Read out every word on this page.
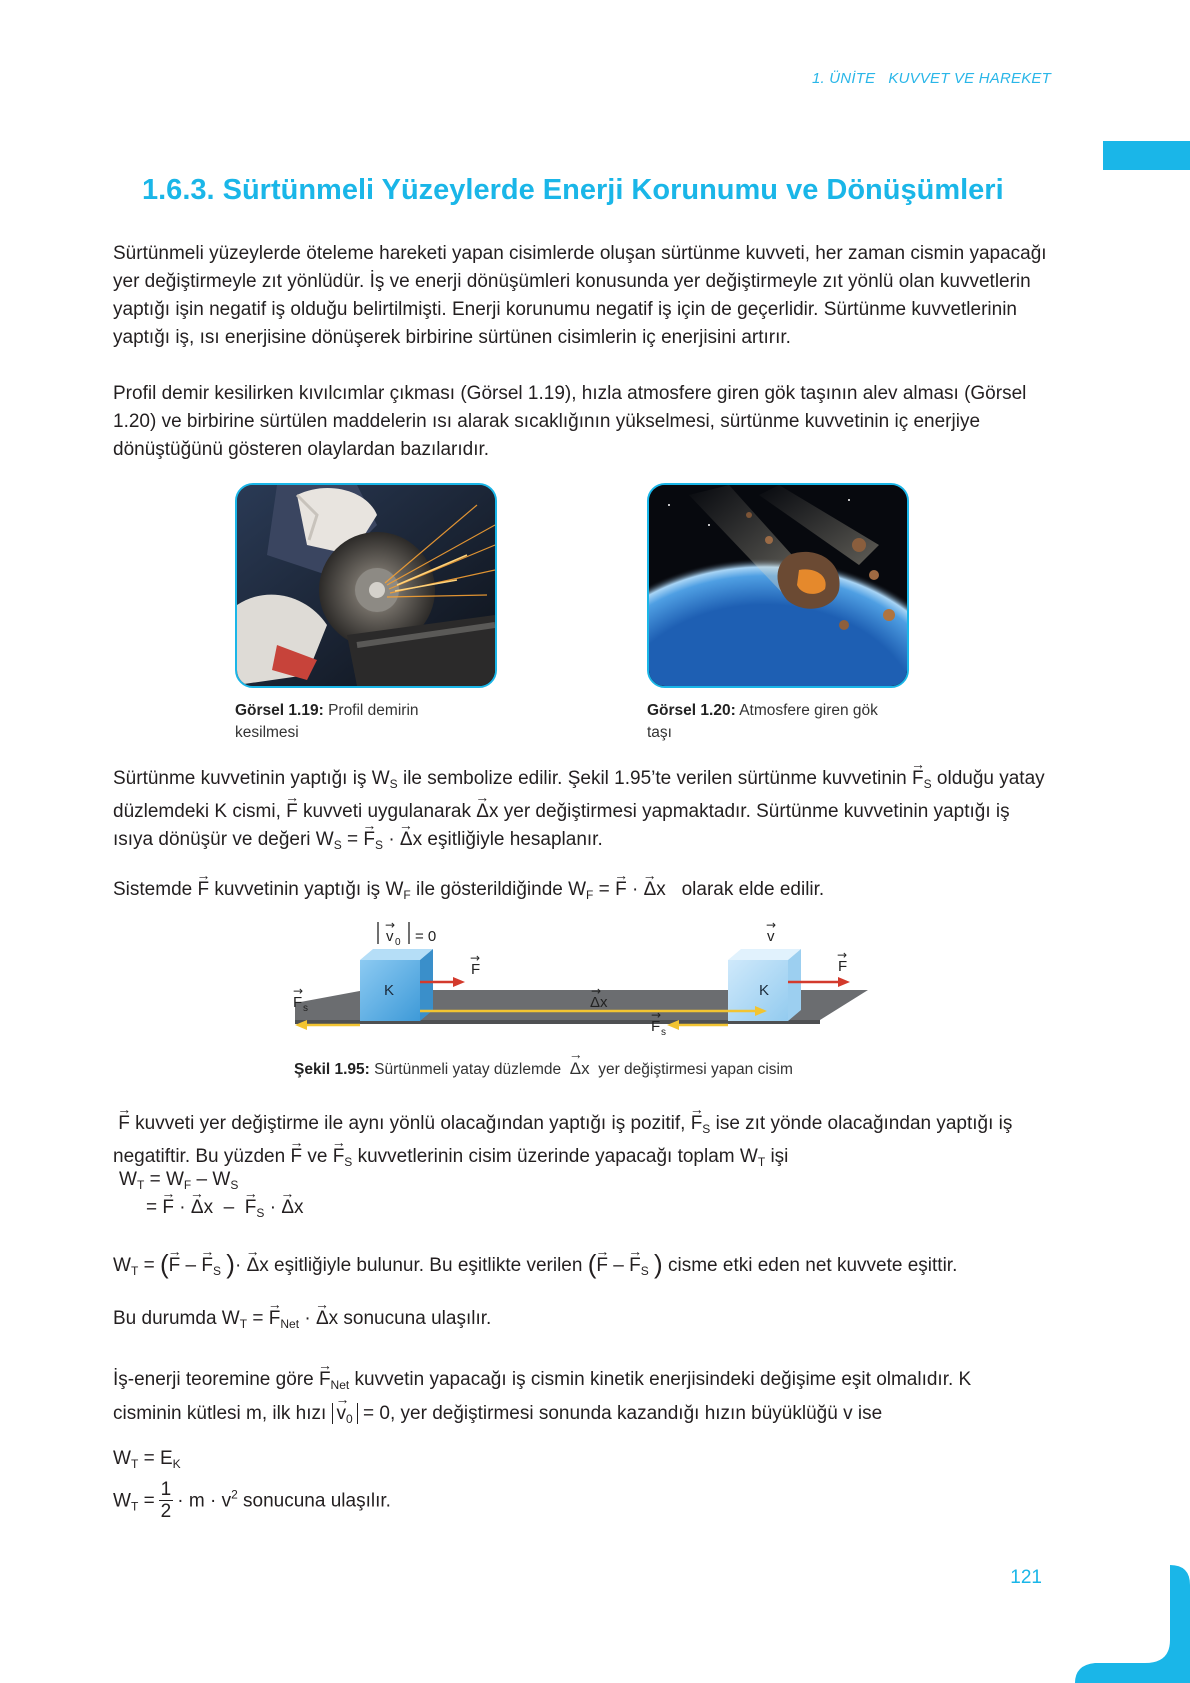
1. ÜNİTE KUVVET VE HAREKET
1.6.3. Sürtünmeli Yüzeylerde Enerji Korunumu ve Dönüşümleri
Sürtünmeli yüzeylerde öteleme hareketi yapan cisimlerde oluşan sürtünme kuvveti, her zaman cismin yapacağı yer değiştirmeyle zıt yönlüdür. İş ve enerji dönüşümleri konusunda yer değiştirmeyle zıt yönlü olan kuvvetlerin yaptığı işin negatif iş olduğu belirtilmişti. Enerji korunumu negatif iş için de geçerlidir. Sürtünme kuvvetlerinin yaptığı iş, ısı enerjisine dönüşerek birbirine sürtünen cisimlerin iç enerjisini artırır.
Profil demir kesilirken kıvılcımlar çıkması (Görsel 1.19), hızla atmosfere giren gök taşının alev alması (Görsel 1.20) ve birbirine sürtülen maddelerin ısı alarak sıcaklığının yükselmesi, sürtünme kuvvetinin iç enerjiye dönüştüğünü gösteren olaylardan bazılarıdır.
Görsel 1.19: Profil demirin kesilmesi
Görsel 1.20: Atmosfere giren gök taşı
Sürtünme kuvvetinin yaptığı iş $W_S$ ile sembolize edilir. Şekil 1.95’te verilen sürtünme kuvvetinin → $F_S$ olduğu yatay düzlemdeki K cismi, → F kuvveti uygulanarak → Δx yer değiştirmesi yapmaktadır. Sürtünme kuvvetinin yaptığı iş ısıya dönüşür ve değeri $W_S$ = → $F_S$ · → Δx eşitliğiyle hesaplanır.
Sistemde → F kuvvetinin yaptığı iş $W_F$ ile gösterildiğinde $W_F$ = → F · → Δx   olarak elde edilir.
K	K
Δx
→
F s
→
F s
→
F
→	F
→
v 0
→
= 0	v
→
Şekil 1.95: Sürtünmeli yatay düzlemde → Δx yer değiştirmesi yapan cisim
→ F kuvveti yer değiştirme ile aynı yönlü olacağından yaptığı iş pozitif, → $F_S$ ise zıt yönde olacağından yaptığı iş negatiftir. Bu yüzden → F ve → $F_S$ kuvvetlerinin cisim üzerinde yapacağı toplam $W_T$ işi
$W_T = W_F - W_S$
= → F · → Δx – → $F_S$ · → Δx
$W_T$ = (→ F – → $F_S$ )· → Δx eşitliğiyle bulunur. Bu eşitlikte verilen (→ F – → $F_S$ ) cisme etki eden net kuvvete eşittir.
Bu durumda $W_T$ = → $F_{Net}$ · → Δx sonucuna ulaşılır.
İş-enerji teoremine göre → $F_{Net}$ kuvvetin yapacağı iş cismin kinetik enerjisindeki değişime eşit olmalıdır. K
cisminin kütlesi m, ilk hızı → $v_0 = 0$, yer değiştirmesi sonunda kazandığı hızın büyüklüğü v ise
$W_T = E_K$
$W_T = \frac{1}{2} \cdot m \cdot v^2$ sonucuna ulaşılır.
121
